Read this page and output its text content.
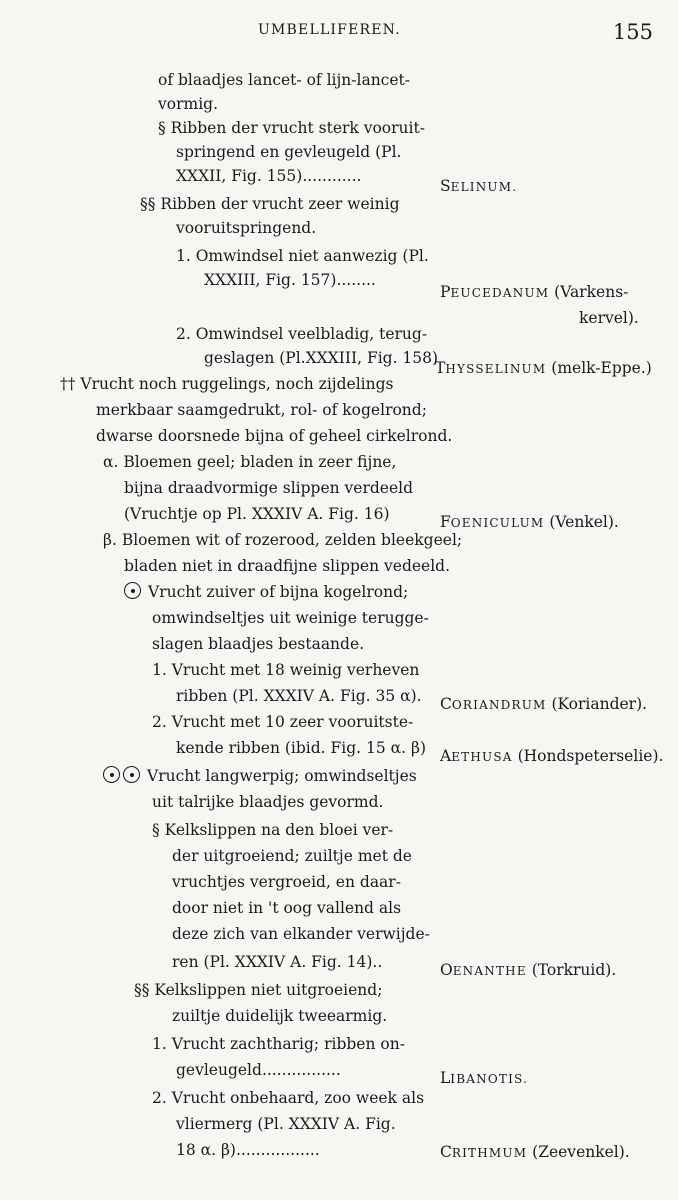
UMBELLIFEREN.	155
of blaadjes lancet- of lijn-lancet-
vormig.
§ Ribben der vrucht sterk vooruit-
springend en gevleugeld (Pl.
XXXII, Fig. 155)............
§§ Ribben der vrucht zeer weinig
vooruitspringend.
1. Omwindsel niet aanwezig (Pl.
XXXIII, Fig. 157)........
2. Omwindsel veelbladig, terug-
geslagen (Pl.XXXIII, Fig. 158)
†† Vrucht noch ruggelings, noch zijdelings
merkbaar saamgedrukt, rol- of kogelrond;
dwarse doorsnede bijna of geheel cirkelrond.
α. Bloemen geel; bladen in zeer fijne,
bijna draadvormige slippen verdeeld
(Vruchtje op Pl. XXXIV A. Fig. 16)
β. Bloemen wit of rozerood, zelden bleekgeel;
bladen niet in draadfijne slippen vedeeld.
Vrucht zuiver of bijna kogelrond;
omwindseltjes uit weinige terugge-
slagen blaadjes bestaande.
1. Vrucht met 18 weinig verheven
ribben (Pl. XXXIV A. Fig. 35 α).
2. Vrucht met 10 zeer vooruitste-
kende ribben (ibid. Fig. 15 α. β)
Vrucht langwerpig; omwindseltjes
uit talrijke blaadjes gevormd.
§ Kelkslippen na den bloei ver-
der uitgroeiend; zuiltje met de
vruchtjes vergroeid, en daar-
door niet in 't oog vallend als
deze zich van elkander verwijde-
ren (Pl. XXXIV A. Fig. 14)..
§§ Kelkslippen niet uitgroeiend;
zuiltje duidelijk tweearmig.
1. Vrucht zachtharig; ribben on-
gevleugeld................
2. Vrucht onbehaard, zoo week als
vliermerg (Pl. XXXIV A. Fig.
18 α. β).................
SELINUM.
PEUCEDANUM (Varkens-
kervel).
THYSSELINUM (melk-Eppe.)
FOENICULUM (Venkel).
CORIANDRUM (Koriander).
AETHUSA (Hondspeterselie).
OENANTHE (Torkruid).
LIBANOTIS.
CRITHMUM (Zeevenkel).
